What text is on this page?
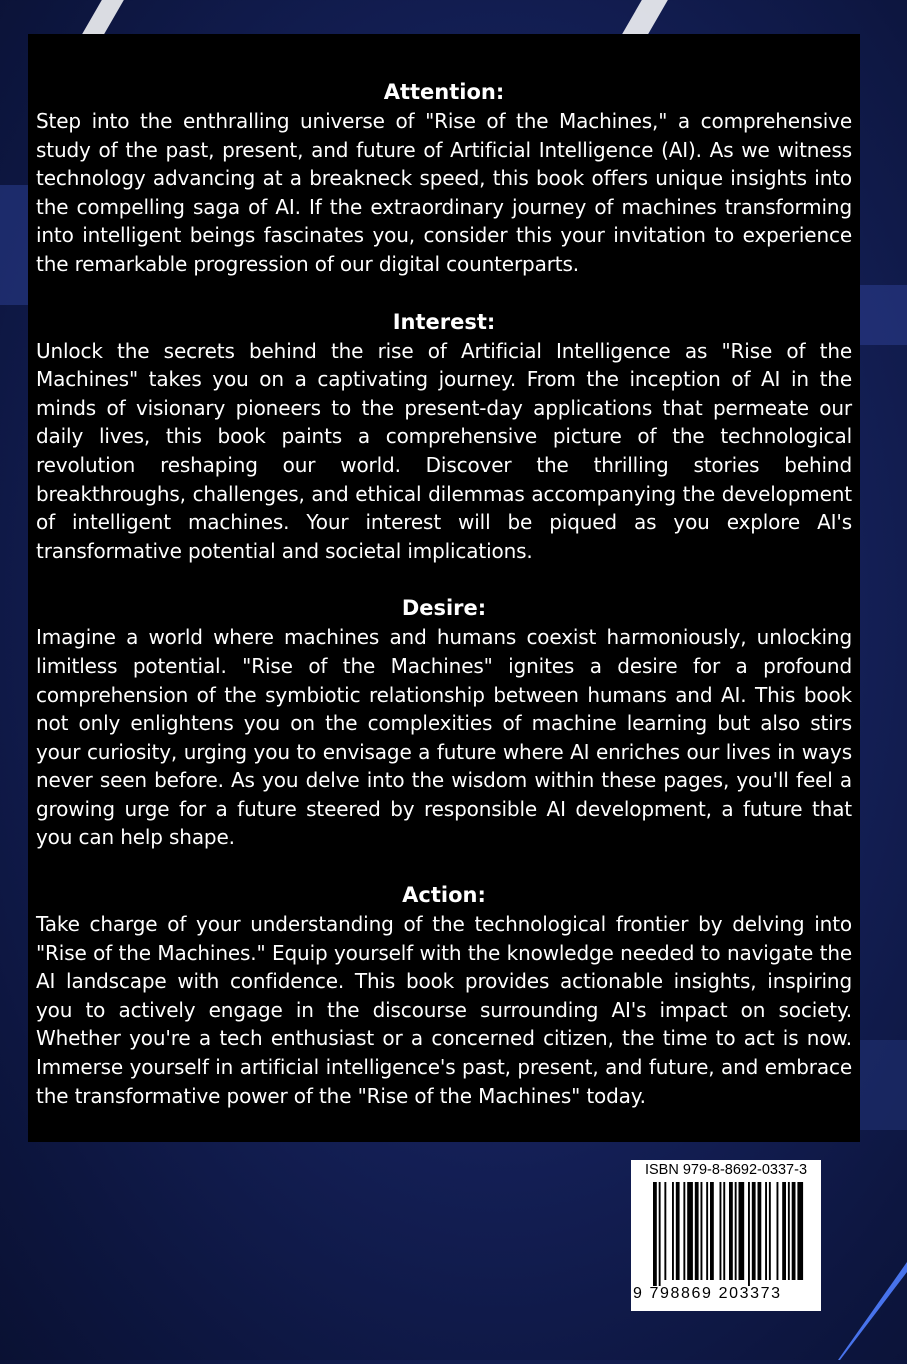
Attention:

Step into the enthralling universe of "Rise of the Machines," a comprehensive study of the past, present, and future of Artificial Intelligence (AI). As we witness technology advancing at a breakneck speed, this book offers unique insights into the compelling saga of AI. If the extraordinary journey of machines transforming into intelligent beings fascinates you, consider this your invitation to experience the remarkable progression of our digital counterparts.

Interest:

Unlock the secrets behind the rise of Artificial Intelligence as "Rise of the Machines" takes you on a captivating journey. From the inception of AI in the minds of visionary pioneers to the present-day applications that permeate our daily lives, this book paints a comprehensive picture of the technological revolution reshaping our world. Discover the thrilling stories behind breakthroughs, challenges, and ethical dilemmas accompanying the development of intelligent machines. Your interest will be piqued as you explore AI's transformative potential and societal implications.

Desire:

Imagine a world where machines and humans coexist harmoniously, unlocking limitless potential. "Rise of the Machines" ignites a desire for a profound comprehension of the symbiotic relationship between humans and AI. This book not only enlightens you on the complexities of machine learning but also stirs your curiosity, urging you to envisage a future where AI enriches our lives in ways never seen before. As you delve into the wisdom within these pages, you'll feel a growing urge for a future steered by responsible AI development, a future that you can help shape.

Action:

Take charge of your understanding of the technological frontier by delving into "Rise of the Machines." Equip yourself with the knowledge needed to navigate the AI landscape with confidence. This book provides actionable insights, inspiring you to actively engage in the discourse surrounding AI's impact on society. Whether you're a tech enthusiast or a concerned citizen, the time to act is now. Immerse yourself in artificial intelligence's past, present, and future, and embrace the transformative power of the "Rise of the Machines" today.

ISBN 979-8-8692-0337-3
9 798869 203373
